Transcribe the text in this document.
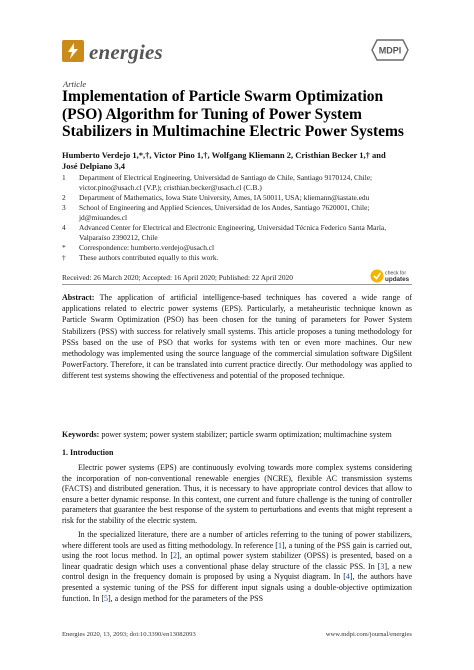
energies	MDPI
Article
Implementation of Particle Swarm Optimization (PSO) Algorithm for Tuning of Power System Stabilizers in Multimachine Electric Power Systems
Humberto Verdejo 1,*,†, Victor Pino 1,†, Wolfgang Kliemann 2, Cristhian Becker 1,† and
José Delpiano 3,4
1	Department of Electrical Engineering, Universidad de Santiago de Chile, Santiago 9170124, Chile; victor.pino@usach.cl (V.P.); cristhian.becker@usach.cl (C.B.)
2	Department of Mathematics, Iowa State University, Ames, IA 50011, USA; kliemann@iastate.edu
3	School of Engineering and Applied Sciences, Universidad de los Andes, Santiago 7620001, Chile; jd@miuandes.cl
4	Advanced Center for Electrical and Electronic Engineering, Universidad Técnica Federico Santa María, Valparaíso 2390212, Chile
*	Correspondence: humberto.verdejo@usach.cl
†	These authors contributed equally to this work.
Received: 26 March 2020; Accepted: 16 April 2020; Published: 22 April 2020	check for
updates
Abstract: The application of artificial intelligence-based techniques has covered a wide range of applications related to electric power systems (EPS). Particularly, a metaheuristic technique known as Particle Swarm Optimization (PSO) has been chosen for the tuning of parameters for Power System Stabilizers (PSS) with success for relatively small systems. This article proposes a tuning methodology for PSSs based on the use of PSO that works for systems with ten or even more machines. Our new methodology was implemented using the source language of the commercial simulation software DigSilent PowerFactory. Therefore, it can be translated into current practice directly. Our methodology was applied to different test systems showing the effectiveness and potential of the proposed technique.
Keywords: power system; power system stabilizer; particle swarm optimization; multimachine system
1. Introduction

Electric power systems (EPS) are continuously evolving towards more complex systems considering the incorporation of non-conventional renewable energies (NCRE), flexible AC transmission systems (FACTS) and distributed generation. Thus, it is necessary to have appropriate control devices that allow to ensure a better dynamic response. In this context, one current and future challenge is the tuning of controller parameters that guarantee the best response of the system to perturbations and events that might represent a risk for the stability of the electric system.

In the specialized literature, there are a number of articles referring to the tuning of power stabilizers, where different tools are used as fitting methodology. In reference [1], a tuning of the PSS gain is carried out, using the root locus method. In [2], an optimal power system stabilizer (OPSS) is presented, based on a linear quadratic design which uses a conventional phase delay structure of the classic PSS. In [3], a new control design in the frequency domain is proposed by using a Nyquist diagram. In [4], the authors have presented a systemic tuning of the PSS for different input signals using a double-objective optimization function. In [5], a design method for the parameters of the PSS

Energies 2020, 13, 2093; doi:10.3390/en13082093	www.mdpi.com/journal/energies
